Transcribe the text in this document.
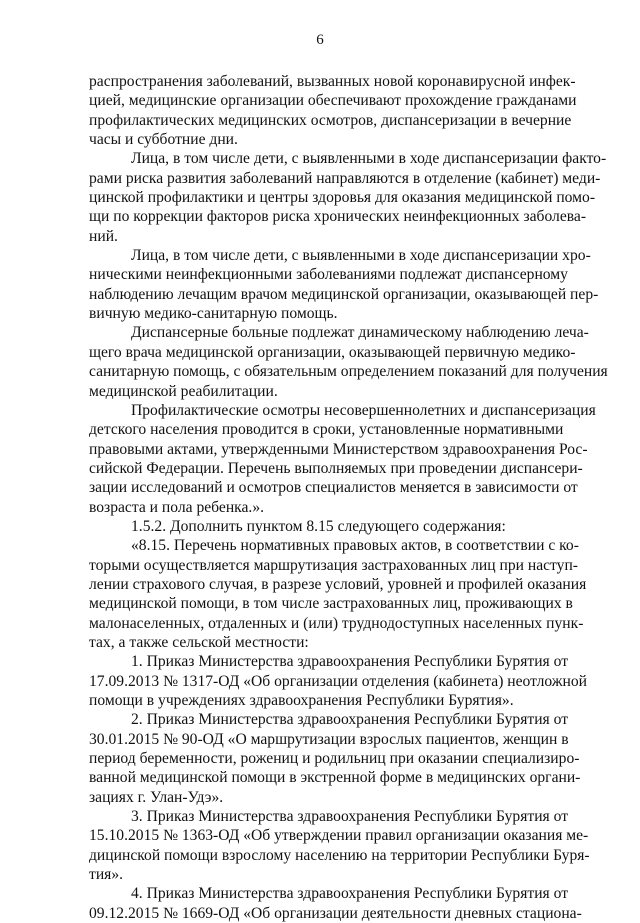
6

распространения заболеваний, вызванных новой коронавирусной инфек-
цией, медицинские организации обеспечивают прохождение гражданами
профилактических медицинских осмотров, диспансеризации в вечерние
часы и субботние дни.

Лица, в том числе дети, с выявленными в ходе диспансеризации факто-
рами риска развития заболеваний направляются в отделение (кабинет) меди-
цинской профилактики и центры здоровья для оказания медицинской помо-
щи по коррекции факторов риска хронических неинфекционных заболева-
ний.

Лица, в том числе дети, с выявленными в ходе диспансеризации хро-
ническими неинфекционными заболеваниями подлежат диспансерному
наблюдению лечащим врачом медицинской организации, оказывающей пер-
вичную медико-санитарную помощь.

Диспансерные больные подлежат динамическому наблюдению леча-
щего врача медицинской организации, оказывающей первичную медико-
санитарную помощь, с обязательным определением показаний для получения
медицинской реабилитации.

Профилактические осмотры несовершеннолетних и диспансеризация
детского населения проводится в сроки, установленные нормативными
правовыми актами, утвержденными Министерством здравоохранения Рос-
сийской Федерации. Перечень выполняемых при проведении диспансери-
зации исследований и осмотров специалистов меняется в зависимости от
возраста и пола ребенка.».

1.5.2. Дополнить пунктом 8.15 следующего содержания:

«8.15. Перечень нормативных правовых актов, в соответствии с ко-
торыми осуществляется маршрутизация застрахованных лиц при наступ-
лении страхового случая, в разрезе условий, уровней и профилей оказания
медицинской помощи, в том числе застрахованных лиц, проживающих в
малонаселенных, отдаленных и (или) труднодоступных населенных пунк-
тах, а также сельской местности:

1. Приказ Министерства здравоохранения Республики Бурятия от
17.09.2013 № 1317-ОД «Об организации отделения (кабинета) неотложной
помощи в учреждениях здравоохранения Республики Бурятия».

2. Приказ Министерства здравоохранения Республики Бурятия от
30.01.2015 № 90-ОД «О маршрутизации взрослых пациентов, женщин в
период беременности, рожениц и родильниц при оказании специализиро-
ванной медицинской помощи в экстренной форме в медицинских органи-
зациях г. Улан-Удэ».

3. Приказ Министерства здравоохранения Республики Бурятия от
15.10.2015 № 1363-ОД «Об утверждении правил организации оказания ме-
дицинской помощи взрослому населению на территории Республики Буря-
тия».

4. Приказ Министерства здравоохранения Республики Бурятия от
09.12.2015 № 1669-ОД «Об организации деятельности дневных стациона-
